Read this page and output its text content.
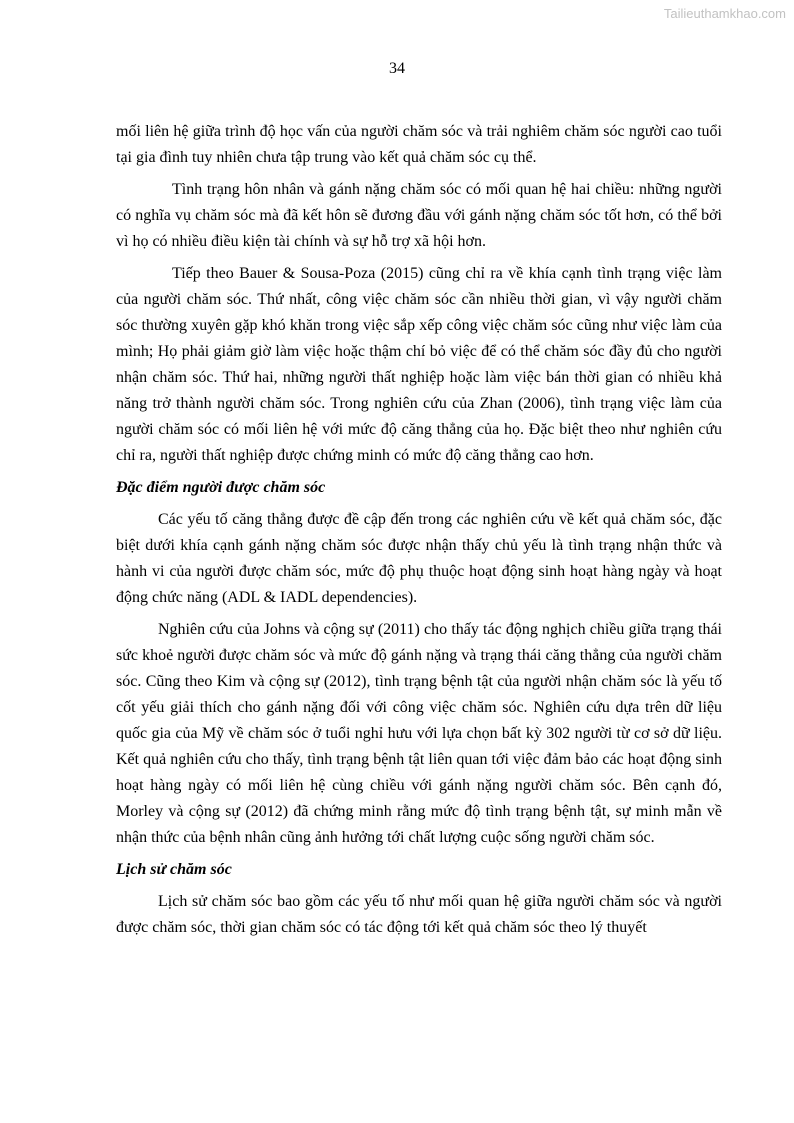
Tailieuthamkhao.com
34

mối liên hệ giữa trình độ học vấn của người chăm sóc và trải nghiêm chăm sóc người cao tuổi tại gia đình tuy nhiên chưa tập trung vào kết quả chăm sóc cụ thể.

Tình trạng hôn nhân và gánh nặng chăm sóc có mối quan hệ hai chiều: những người có nghĩa vụ chăm sóc mà đã kết hôn sẽ đương đầu với gánh nặng chăm sóc tốt hơn, có thể bởi vì họ có nhiều điều kiện tài chính và sự hỗ trợ xã hội hơn.

Tiếp theo Bauer & Sousa-Poza (2015) cũng chỉ ra về khía cạnh tình trạng việc làm của người chăm sóc. Thứ nhất, công việc chăm sóc cần nhiều thời gian, vì vậy người chăm sóc thường xuyên gặp khó khăn trong việc sắp xếp công việc chăm sóc cũng như việc làm của mình; Họ phải giảm giờ làm việc hoặc thậm chí bỏ việc để có thể chăm sóc đầy đủ cho người nhận chăm sóc. Thứ hai, những người thất nghiệp hoặc làm việc bán thời gian có nhiều khả năng trở thành người chăm sóc. Trong nghiên cứu của Zhan (2006), tình trạng việc làm của người chăm sóc có mối liên hệ với mức độ căng thẳng của họ. Đặc biệt theo như nghiên cứu chỉ ra, người thất nghiệp được chứng minh có mức độ căng thẳng cao hơn.

Đặc điểm người được chăm sóc

Các yếu tố căng thẳng được đề cập đến trong các nghiên cứu về kết quả chăm sóc, đặc biệt dưới khía cạnh gánh nặng chăm sóc được nhận thấy chủ yếu là tình trạng nhận thức và hành vi của người được chăm sóc, mức độ phụ thuộc hoạt động sinh hoạt hàng ngày và hoạt động chức năng (ADL & IADL dependencies).

Nghiên cứu của Johns và cộng sự (2011) cho thấy tác động nghịch chiều giữa trạng thái sức khoẻ người được chăm sóc và mức độ gánh nặng và trạng thái căng thẳng của người chăm sóc. Cũng theo Kim và cộng sự (2012), tình trạng bệnh tật của người nhận chăm sóc là yếu tố cốt yếu giải thích cho gánh nặng đối với công việc chăm sóc. Nghiên cứu dựa trên dữ liệu quốc gia của Mỹ về chăm sóc ở tuổi nghỉ hưu với lựa chọn bất kỳ 302 người từ cơ sở dữ liệu. Kết quả nghiên cứu cho thấy, tình trạng bệnh tật liên quan tới việc đảm bảo các hoạt động sinh hoạt hàng ngày có mối liên hệ cùng chiều với gánh nặng người chăm sóc. Bên cạnh đó, Morley và cộng sự (2012) đã chứng minh rằng mức độ tình trạng bệnh tật, sự minh mẫn về nhận thức của bệnh nhân cũng ảnh hưởng tới chất lượng cuộc sống người chăm sóc.

Lịch sử chăm sóc

Lịch sử chăm sóc bao gồm các yếu tố như mối quan hệ giữa người chăm sóc và người được chăm sóc, thời gian chăm sóc có tác động tới kết quả chăm sóc theo lý thuyết
